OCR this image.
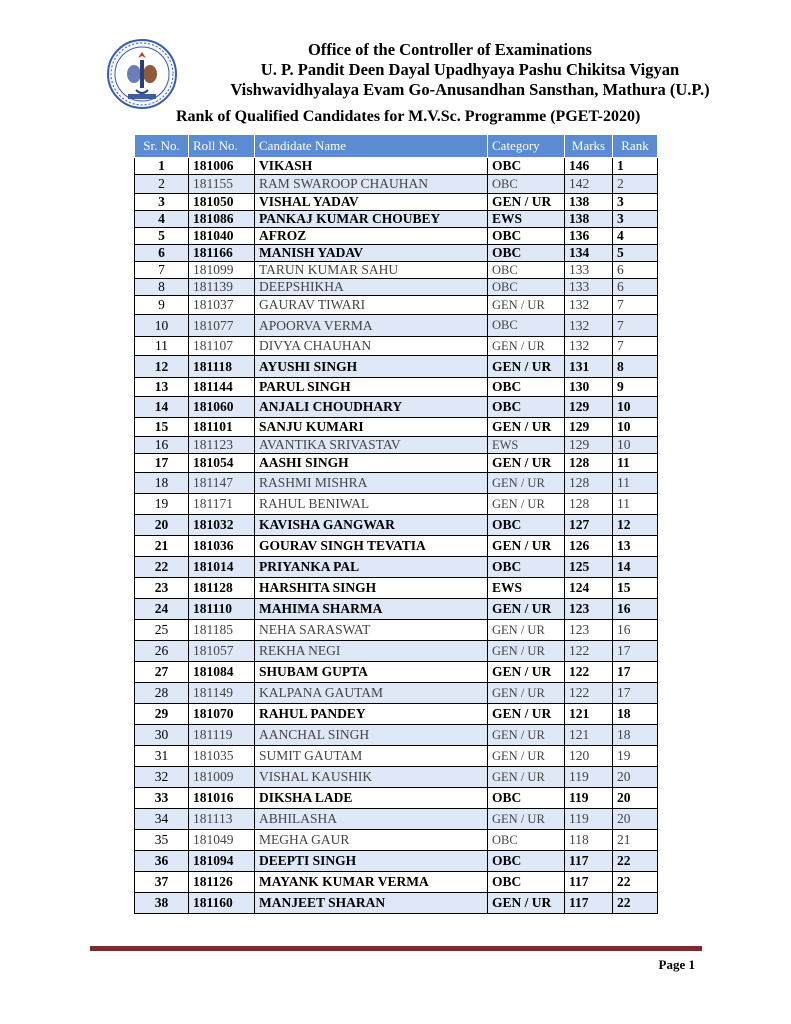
Office of the Controller of Examinations
U. P. Pandit Deen Dayal Upadhyaya Pashu Chikitsa Vigyan
Vishwavidhyalaya Evam Go-Anusandhan Sansthan, Mathura (U.P.)
Rank of Qualified Candidates for M.V.Sc. Programme (PGET-2020)
Sr. No.	Roll No.	Candidate Name	Category	Marks	Rank
1	181006	VIKASH	OBC	146	1
2	181155	RAM SWAROOP CHAUHAN	OBC	142	2
3	181050	VISHAL YADAV	GEN / UR	138	3
4	181086	PANKAJ KUMAR CHOUBEY	EWS	138	3
5	181040	AFROZ	OBC	136	4
6	181166	MANISH YADAV	OBC	134	5
7	181099	TARUN KUMAR SAHU	OBC	133	6
8	181139	DEEPSHIKHA	OBC	133	6
9	181037	GAURAV TIWARI	GEN / UR	132	7
10	181077	APOORVA VERMA	OBC	132	7
11	181107	DIVYA CHAUHAN	GEN / UR	132	7
12	181118	AYUSHI SINGH	GEN / UR	131	8
13	181144	PARUL SINGH	OBC	130	9
14	181060	ANJALI CHOUDHARY	OBC	129	10
15	181101	SANJU KUMARI	GEN / UR	129	10
16	181123	AVANTIKA SRIVASTAV	EWS	129	10
17	181054	AASHI SINGH	GEN / UR	128	11
18	181147	RASHMI MISHRA	GEN / UR	128	11
19	181171	RAHUL BENIWAL	GEN / UR	128	11
20	181032	KAVISHA GANGWAR	OBC	127	12
21	181036	GOURAV SINGH TEVATIA	GEN / UR	126	13
22	181014	PRIYANKA PAL	OBC	125	14
23	181128	HARSHITA SINGH	EWS	124	15
24	181110	MAHIMA SHARMA	GEN / UR	123	16
25	181185	NEHA SARASWAT	GEN / UR	123	16
26	181057	REKHA NEGI	GEN / UR	122	17
27	181084	SHUBAM GUPTA	GEN / UR	122	17
28	181149	KALPANA GAUTAM	GEN / UR	122	17
29	181070	RAHUL PANDEY	GEN / UR	121	18
30	181119	AANCHAL SINGH	GEN / UR	121	18
31	181035	SUMIT GAUTAM	GEN / UR	120	19
32	181009	VISHAL KAUSHIK	GEN / UR	119	20
33	181016	DIKSHA LADE	OBC	119	20
34	181113	ABHILASHA	GEN / UR	119	20
35	181049	MEGHA GAUR	OBC	118	21
36	181094	DEEPTI SINGH	OBC	117	22
37	181126	MAYANK KUMAR VERMA	OBC	117	22
38	181160	MANJEET SHARAN	GEN / UR	117	22
Page 1
